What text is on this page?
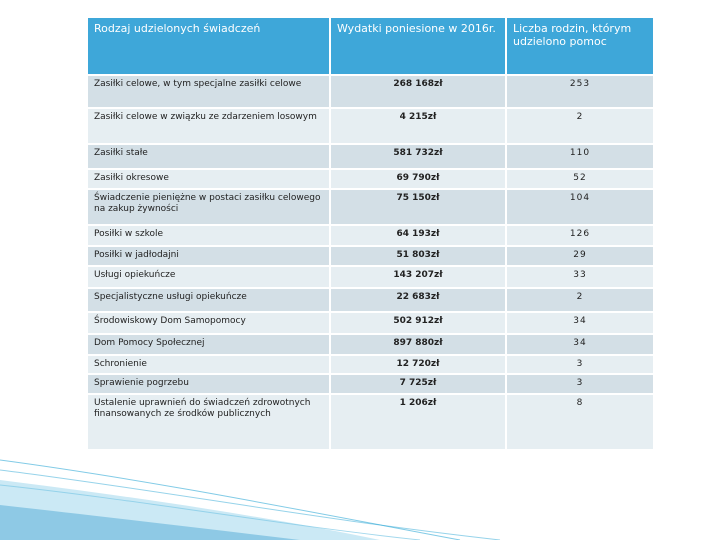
Rodzaj udzielonych świadczeń	Wydatki poniesione w 2016r.	Liczba rodzin, którym udzielono pomoc
Zasiłki celowe, w tym specjalne zasiłki celowe	268 168zł	253
Zasiłki celowe w związku ze zdarzeniem losowym	4 215zł	2
Zasiłki stałe	581 732zł	110
Zasiłki okresowe	69 790zł	52
Świadczenie pieniężne w postaci zasiłku celowego na zakup żywności	75 150zł	104
Posiłki w szkole	64 193zł	126
Posiłki w jadłodajni	51 803zł	29
Usługi opiekuńcze	143 207zł	33
Specjalistyczne usługi opiekuńcze	22 683zł	2
Środowiskowy Dom Samopomocy	502 912zł	34
Dom Pomocy Społecznej	897 880zł	34
Schronienie	12 720zł	3
Sprawienie pogrzebu	7 725zł	3
Ustalenie uprawnień do świadczeń zdrowotnych finansowanych ze środków publicznych	1 206zł	8
